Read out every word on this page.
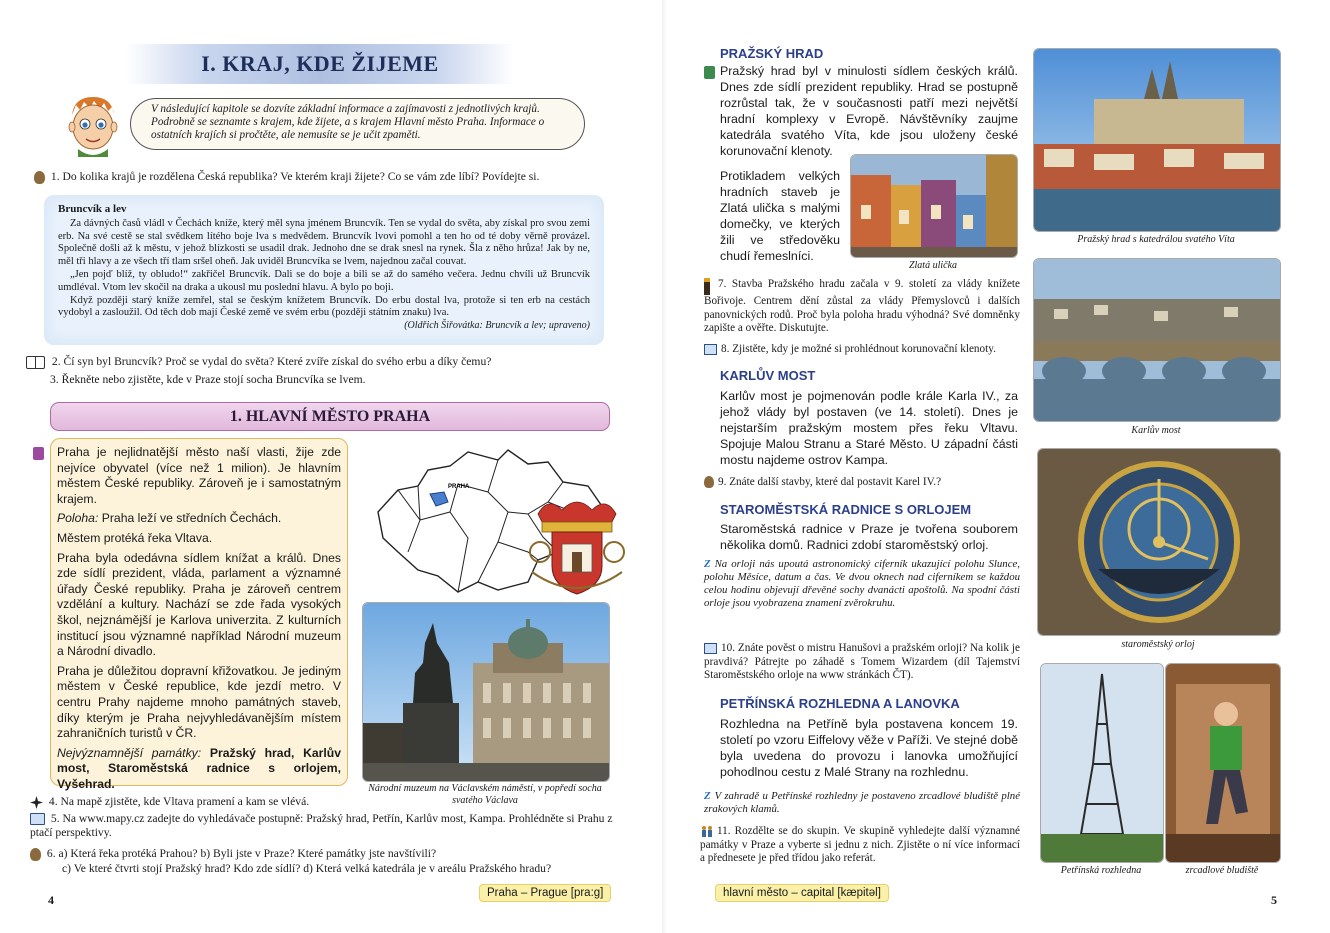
I. KRAJ, KDE ŽIJEME
V následující kapitole se dozvíte základní informace a zajímavosti z jednotlivých krajů. Podrobně se seznamte s krajem, kde žijete, a s krajem Hlavní město Praha. Informace o ostatních krajích si pročtěte, ale nemusíte se je učit zpaměti.
1. Do kolika krajů je rozdělena Česká republika? Ve kterém kraji žijete? Co se vám zde líbí? Povídejte si.
Bruncvík a lev

Za dávných časů vládl v Čechách kníže, který měl syna jménem Bruncvík. Ten se vydal do světa, aby získal pro svou zemi erb. Na své cestě se stal svědkem lítého boje lva s medvědem. Bruncvík lvovi pomohl a ten ho od té doby věrně provázel. Společně došli až k městu, v jehož blízkosti se usadil drak. Jednoho dne se drak snesl na rynek. Šla z něho hrůza! Jak by ne, měl tři hlavy a ze všech tří tlam sršel oheň. Jak uviděl Bruncvíka se lvem, najednou začal couvat.

„Jen pojď blíž, ty obludo!“ zakřičel Bruncvík. Dali se do boje a bili se až do samého večera. Jednu chvíli už Bruncvík umdléval. Vtom lev skočil na draka a ukousl mu poslední hlavu. A bylo po boji.

Když později starý kníže zemřel, stal se českým knížetem Bruncvík. Do erbu dostal lva, protože si ten erb na cestách vydobyl a zasloužil. Od těch dob mají České země ve svém erbu (později státním znaku) lva.

(Oldřich Šiřovátka: Bruncvík a lev; upraveno)
2. Čí syn byl Bruncvík? Proč se vydal do světa? Které zvíře získal do svého erbu a díky čemu?
3. Řekněte nebo zjistěte, kde v Praze stojí socha Bruncvíka se lvem.
1. HLAVNÍ MĚSTO PRAHA

Praha je nejlidnatější město naší vlasti, žije zde nejvíce obyvatel (více než 1 milion). Je hlavním městem České republiky. Zároveň je i samostatným krajem.

Poloha: Praha leží ve středních Čechách.

Městem protéká řeka Vltava.

Praha byla odedávna sídlem knížat a králů. Dnes zde sídlí prezident, vláda, parlament a významné úřady České republiky. Praha je zároveň centrem vzdělání a kultury. Nachází se zde řada vysokých škol, nejznámější je Karlova univerzita. Z kulturních institucí jsou významné například Národní muzeum a Národní divadlo.

Praha je důležitou dopravní křižovatkou. Je jediným městem v České republice, kde jezdí metro. V centru Prahy najdeme mnoho památných staveb, díky kterým je Praha nejvyhledávanějším místem zahraničních turistů v ČR.

Nejvýznamnější památky: Pražský hrad, Karlův most, Staroměstská radnice s orlojem, Vyšehrad.

PRAHA
Národní muzeum na Václavském náměstí, v popředí socha svatého Václava
4. Na mapě zjistěte, kde Vltava pramení a kam se vlévá.
5. Na www.mapy.cz zadejte do vyhledávače postupně: Pražský hrad, Petřín, Karlův most, Kampa. Prohlédněte si Prahu z ptačí perspektivy.
6. a) Která řeka protéká Prahou? b) Byli jste v Praze? Které památky jste navštívili?
c) Ve které čtvrti stojí Pražský hrad? Kdo zde sídlí? d) Která velká katedrála je v areálu Pražského hradu?
4	Praha – Prague [pra:g]
PRAŽSKÝ HRAD
Pražský hrad byl v minulosti sídlem českých králů. Dnes zde sídlí prezident republiky. Hrad se postupně rozrůstal tak, že v současnosti patří mezi největší hradní komplexy v Evropě. Návštěvníky zaujme katedrála svatého Víta, kde jsou uloženy české korunovační klenoty.
Protikladem velkých hradních staveb je Zlatá ulička s malými domečky, ve kterých žili ve středověku chudí řemeslníci.
Zlatá ulička
Pražský hrad s katedrálou svatého Víta
7. Stavba Pražského hradu začala v 9. století za vlády knížete Bořivoje. Centrem dění zůstal za vlády Přemyslovců i dalších panovnických rodů. Proč byla poloha hradu výhodná? Své domněnky zapište a ověřte. Diskutujte.
8. Zjistěte, kdy je možné si prohlédnout korunovační klenoty.
KARLŮV MOST
Karlův most je pojmenován podle krále Karla IV., za jehož vlády byl postaven (ve 14. století). Dnes je nejstarším pražským mostem přes řeku Vltavu. Spojuje Malou Stranu a Staré Město. U západní části mostu najdeme ostrov Kampa.
Karlův most
9. Znáte další stavby, které dal postavit Karel IV.?
STAROMĚSTSKÁ RADNICE S ORLOJEM
Staroměstská radnice v Praze je tvořena souborem několika domů. Radnici zdobí staroměstský orloj.
Z Na orloji nás upoutá astronomický ciferník ukazující polohu Slunce, polohu Měsíce, datum a čas. Ve dvou oknech nad ciferníkem se každou celou hodinu objevují dřevěné sochy dvanácti apoštolů. Na spodní části orloje jsou vyobrazena znamení zvěrokruhu.
staroměstský orloj
10. Znáte pověst o mistru Hanušovi a pražském orloji? Na kolik je pravdivá? Pátrejte po záhadě s Tomem Wizardem (díl Tajemství Staroměstského orloje na www stránkách ČT).
PETŘÍNSKÁ ROZHLEDNA A LANOVKA
Rozhledna na Petříně byla postavena koncem 19. století po vzoru Eiffelovy věže v Paříži. Ve stejné době byla uvedena do provozu i lanovka umožňující pohodlnou cestu z Malé Strany na rozhlednu.
Z V zahradě u Petřínské rozhledny je postaveno zrcadlové bludiště plné zrakových klamů.
11. Rozdělte se do skupin. Ve skupině vyhledejte další významné památky v Praze a vyberte si jednu z nich. Zjistěte o ní více informací a přednesete je před třídou jako referát.
Petřínská rozhledna	zrcadlové bludiště
hlavní město – capital [kæpitəl]	5
